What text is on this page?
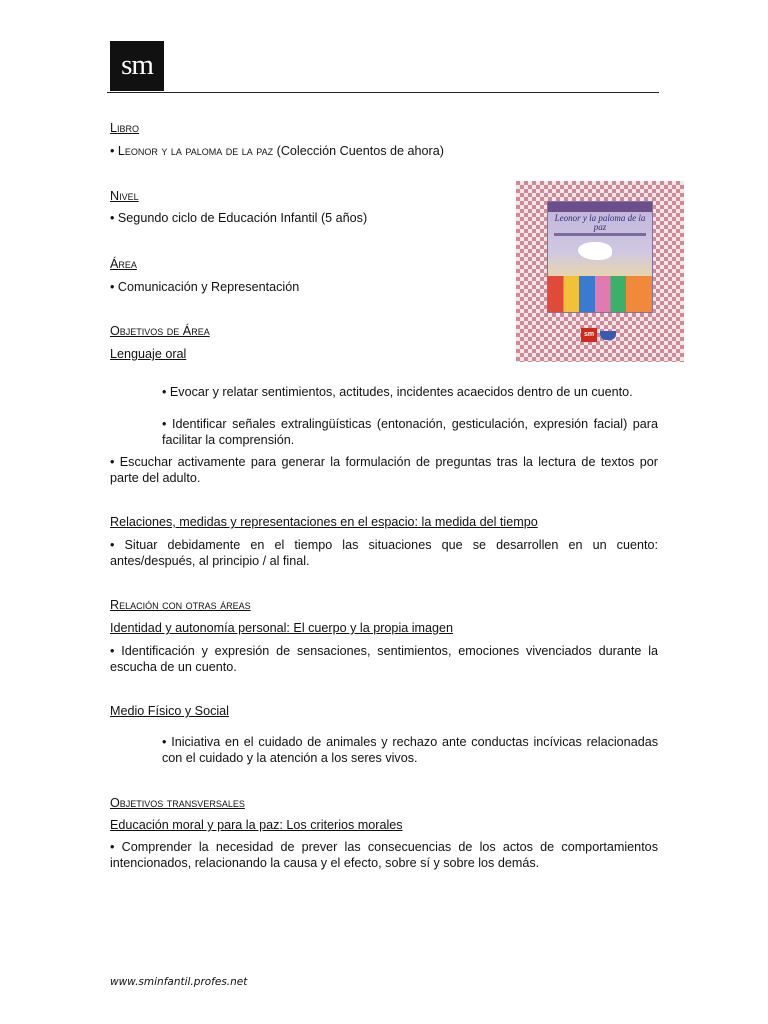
sm
Leonor y la paloma de la paz
sm
Libro
• Leonor y la paloma de la paz (Colección Cuentos de ahora)
Nivel
• Segundo ciclo de Educación Infantil (5 años)
Área
• Comunicación y Representación
Objetivos de Área
Lenguaje oral
• Evocar y relatar sentimientos, actitudes, incidentes acaecidos dentro de un cuento.
• Identificar señales extralingüísticas (entonación, gesticulación, expresión facial) para facilitar la comprensión.
• Escuchar activamente para generar la formulación de preguntas tras la lectura de textos por parte del adulto.
Relaciones, medidas y representaciones en el espacio: la medida del tiempo
• Situar debidamente en el tiempo las situaciones que se desarrollen en un cuento: antes/después, al principio / al final.
Relación con otras áreas
Identidad y autonomía personal: El cuerpo y la propia imagen
• Identificación y expresión de sensaciones, sentimientos, emociones vivenciados durante la escucha de un cuento.
Medio Físico y Social
• Iniciativa en el cuidado de animales y rechazo ante conductas incívicas relacionadas con el cuidado y la atención a los seres vivos.
Objetivos transversales
Educación moral y para la paz: Los criterios morales
• Comprender la necesidad de prever las consecuencias de los actos de comportamientos intencionados, relacionando la causa y el efecto, sobre sí y sobre los demás.
www.sminfantil.profes.net
